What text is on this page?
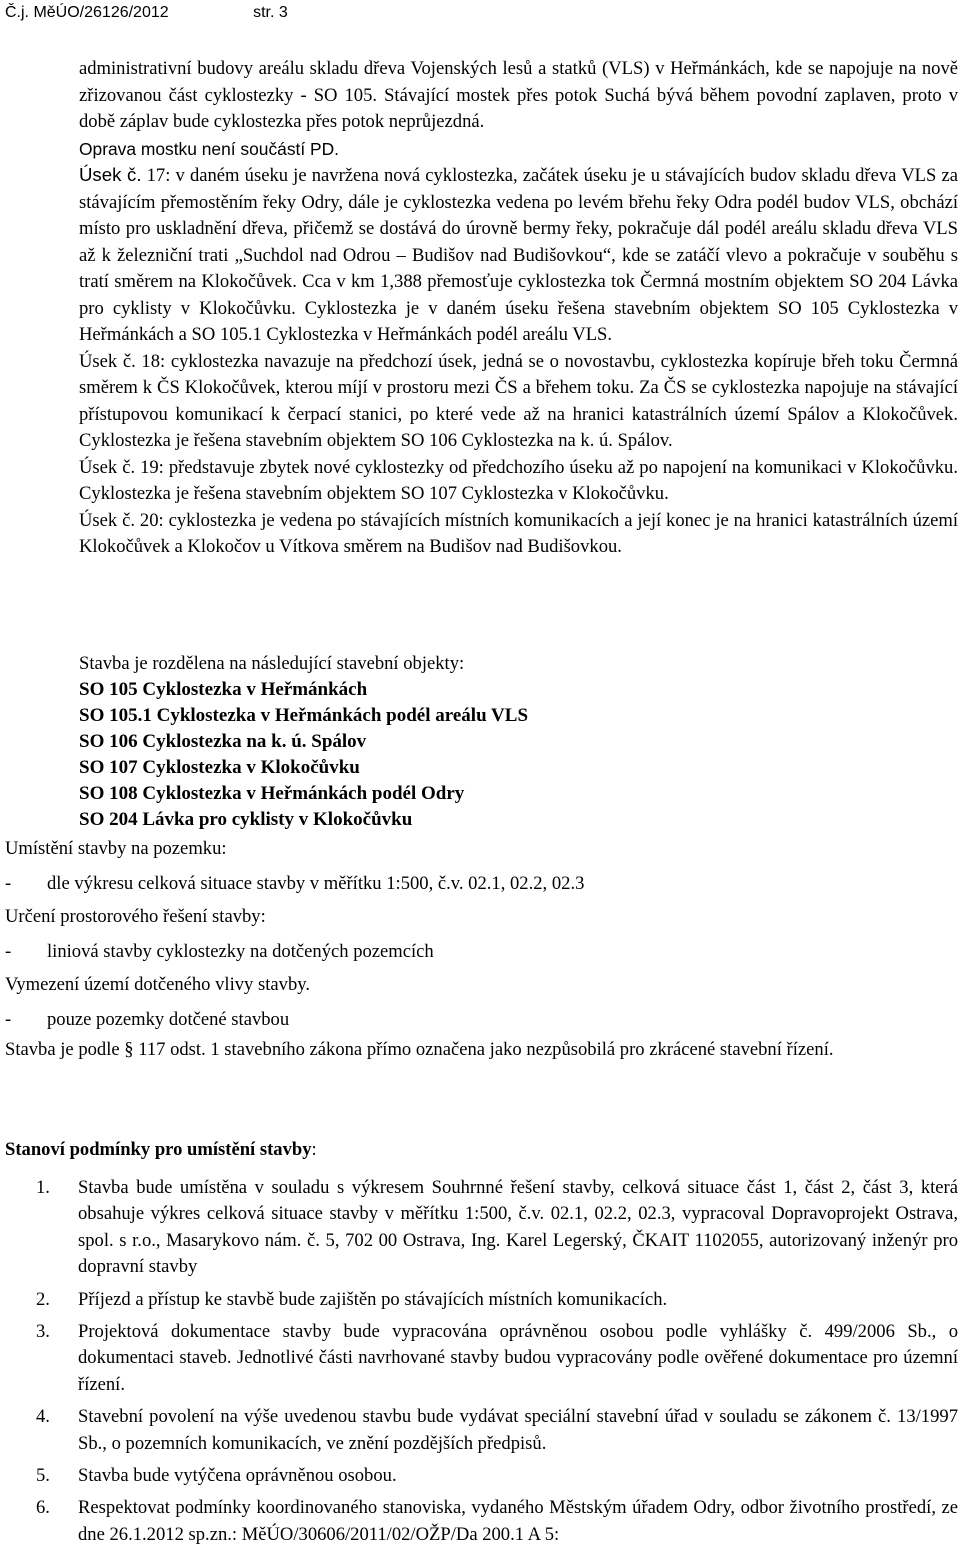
Č.j. MěÚO/26126/2012	str. 3

administrativní budovy areálu skladu dřeva Vojenských lesů a statků (VLS) v Heřmánkách, kde se napojuje na nově zřizovanou část cyklostezky - SO 105. Stávající mostek přes potok Suchá bývá během povodní zaplaven, proto v době záplav bude cyklostezka přes potok neprůjezdná.

Oprava mostku není součástí PD.

Úsek č. 17: v daném úseku je navržena nová cyklostezka, začátek úseku je u stávajících budov skladu dřeva VLS za stávajícím přemostěním řeky Odry, dále je cyklostezka vedena po levém břehu řeky Odra podél budov VLS, obchází místo pro uskladnění dřeva, přičemž se dostává do úrovně bermy řeky, pokračuje dál podél areálu skladu dřeva VLS až k železniční trati „Suchdol nad Odrou – Budišov nad Budišovkou“, kde se zatáčí vlevo a pokračuje v souběhu s tratí směrem na Klokočůvek. Cca v km 1,388 přemosťuje cyklostezka tok Čermná mostním objektem SO 204 Lávka pro cyklisty v Klokočůvku. Cyklostezka je v daném úseku řešena stavebním objektem SO 105 Cyklostezka v Heřmánkách a SO 105.1 Cyklostezka v Heřmánkách podél areálu VLS.

Úsek č. 18: cyklostezka navazuje na předchozí úsek, jedná se o novostavbu, cyklostezka kopíruje břeh toku Čermná směrem k ČS Klokočůvek, kterou míjí v prostoru mezi ČS a břehem toku. Za ČS se cyklostezka napojuje na stávající přístupovou komunikací k čerpací stanici, po které vede až na hranici katastrálních území Spálov a Klokočůvek. Cyklostezka je řešena stavebním objektem SO 106 Cyklostezka na k. ú. Spálov.

Úsek č. 19: představuje zbytek nové cyklostezky od předchozího úseku až po napojení na komunikaci v Klokočůvku. Cyklostezka je řešena stavebním objektem SO 107 Cyklostezka v Klokočůvku.

Úsek č. 20: cyklostezka je vedena po stávajících místních komunikacích a její konec je na hranici katastrálních území Klokočůvek a Klokočov u Vítkova směrem na Budišov nad Budišovkou.

Stavba je rozdělena na následující stavební objekty:

SO 105 Cyklostezka v Heřmánkách

SO 105.1 Cyklostezka v Heřmánkách podél areálu VLS

SO 106 Cyklostezka na k. ú. Spálov

SO 107 Cyklostezka v Klokočůvku

SO 108 Cyklostezka v Heřmánkách podél Odry

SO 204 Lávka pro cyklisty v Klokočůvku

Umístění stavby na pozemku:

-	dle výkresu celková situace stavby v měřítku 1:500, č.v. 02.1, 02.2, 02.3

Určení prostorového řešení stavby:

-	liniová stavby cyklostezky na dotčených pozemcích

Vymezení území dotčeného vlivy stavby.

-	pouze pozemky dotčené stavbou

Stavba je podle § 117 odst. 1 stavebního zákona přímo označena jako nezpůsobilá pro zkrácené stavební řízení.

Stanoví podmínky pro umístění stavby:
1.	Stavba bude umístěna v souladu s výkresem Souhrnné řešení stavby, celková situace část 1, část 2, část 3, která obsahuje výkres celková situace stavby v měřítku 1:500, č.v. 02.1, 02.2, 02.3, vypracoval Dopravoprojekt Ostrava, spol. s r.o., Masarykovo nám. č. 5, 702 00 Ostrava, Ing. Karel Legerský, ČKAIT 1102055, autorizovaný inženýr pro dopravní stavby
2.	Příjezd a přístup ke stavbě bude zajištěn po stávajících místních komunikacích.
3.	Projektová dokumentace stavby bude vypracována oprávněnou osobou podle vyhlášky č. 499/2006 Sb., o dokumentaci staveb. Jednotlivé části navrhované stavby budou vypracovány podle ověřené dokumentace pro územní řízení.
4.	Stavební povolení na výše uvedenou stavbu bude vydávat speciální stavební úřad v souladu se zákonem č. 13/1997 Sb., o pozemních komunikacích, ve znění pozdějších předpisů.
5.	Stavba bude vytýčena oprávněnou osobou.
6.	Respektovat podmínky koordinovaného stanoviska, vydaného Městským úřadem Odry, odbor životního prostředí, ze dne 26.1.2012 sp.zn.: MěÚO/30606/2011/02/OŽP/Da 200.1 A 5:
